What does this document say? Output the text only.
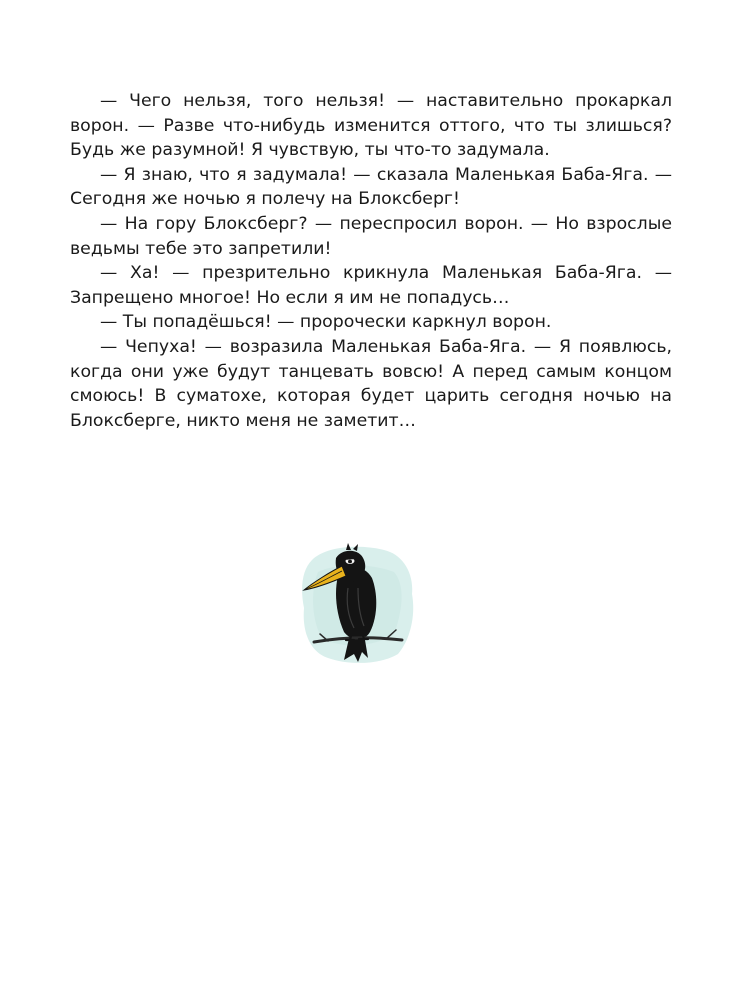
— Чего нельзя, того нельзя! — наставительно прокаркал ворон. — Разве что-нибудь изменится оттого, что ты злишься? Будь же разумной! Я чувствую, ты что-то задумала.

— Я знаю, что я задумала! — сказала Маленькая Баба-Яга. — Сегодня же ночью я полечу на Блоксберг!

— На гору Блоксберг? — переспросил ворон. — Но взрослые ведьмы тебе это запретили!

— Ха! — презрительно крикнула Маленькая Баба-Яга. — Запрещено многое! Но если я им не попадусь…

— Ты попадёшься! — пророчески каркнул ворон.

— Чепуха! — возразила Маленькая Баба-Яга. — Я появлюсь, когда они уже будут танцевать вовсю! А перед самым концом смоюсь! В суматохе, которая будет царить сегодня ночью на Блоксберге, никто меня не заметит…
